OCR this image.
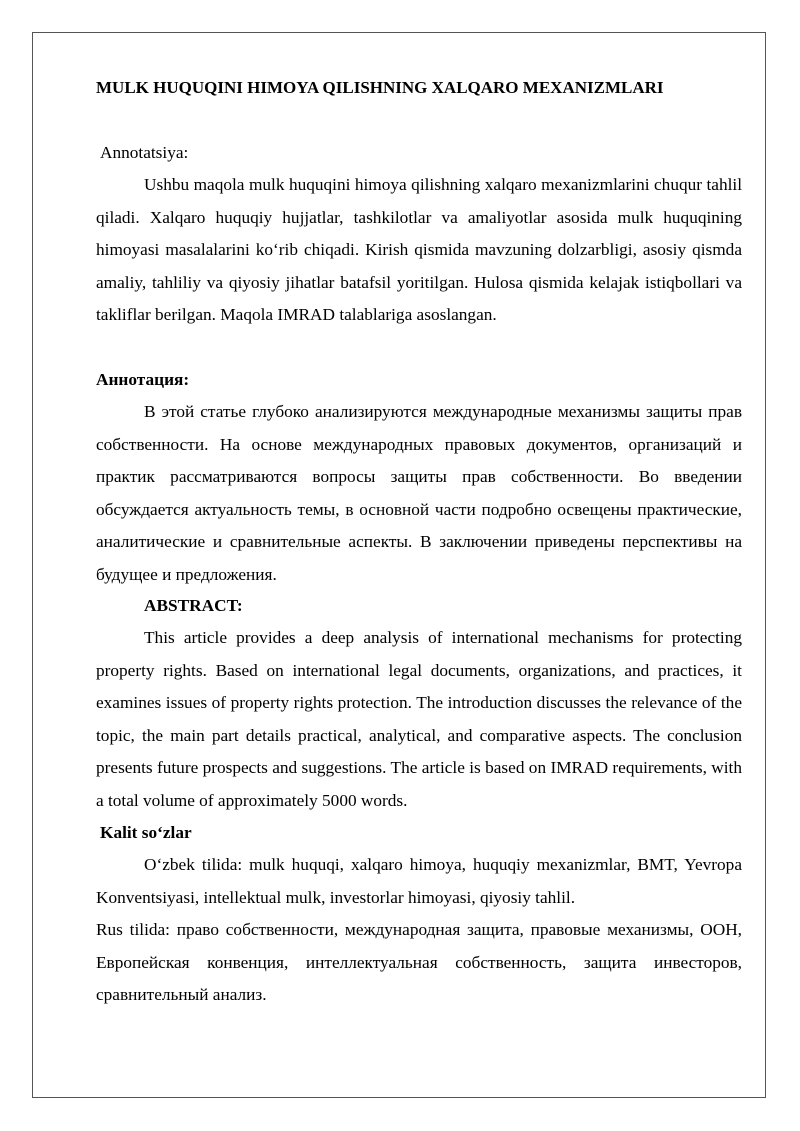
MULK HUQUQINI HIMOYA QILISHNING XALQARO MEXANIZMLARI
Annotatsiya:

Ushbu maqola mulk huquqini himoya qilishning xalqaro mexanizmlarini chuqur tahlil qiladi. Xalqaro huquqiy hujjatlar, tashkilotlar va amaliyotlar asosida mulk huquqining himoyasi masalalarini ko‘rib chiqadi. Kirish qismida mavzuning dolzarbligi, asosiy qismda amaliy, tahliliy va qiyosiy jihatlar batafsil yoritilgan. Hulosa qismida kelajak istiqbollari va takliflar berilgan. Maqola IMRAD talablariga asoslangan.

Аннотация:

В этой статье глубоко анализируются международные механизмы защиты прав собственности. На основе международных правовых документов, организаций и практик рассматриваются вопросы защиты прав собственности. Во введении обсуждается актуальность темы, в основной части подробно освещены практические, аналитические и сравнительные аспекты. В заключении приведены перспективы на будущее и предложения.

ABSTRACT:

This article provides a deep analysis of international mechanisms for protecting property rights. Based on international legal documents, organizations, and practices, it examines issues of property rights protection. The introduction discusses the relevance of the topic, the main part details practical, analytical, and comparative aspects. The conclusion presents future prospects and suggestions. The article is based on IMRAD requirements, with a total volume of approximately 5000 words.

Kalit so‘zlar

O‘zbek tilida: mulk huquqi, xalqaro himoya, huquqiy mexanizmlar, BMT, Yevropa Konventsiyasi, intellektual mulk, investorlar himoyasi, qiyosiy tahlil.

Rus tilida: право собственности, международная защита, правовые механизмы, ООН, Европейская конвенция, интеллектуальная собственность, защита инвесторов, сравнительный анализ.
